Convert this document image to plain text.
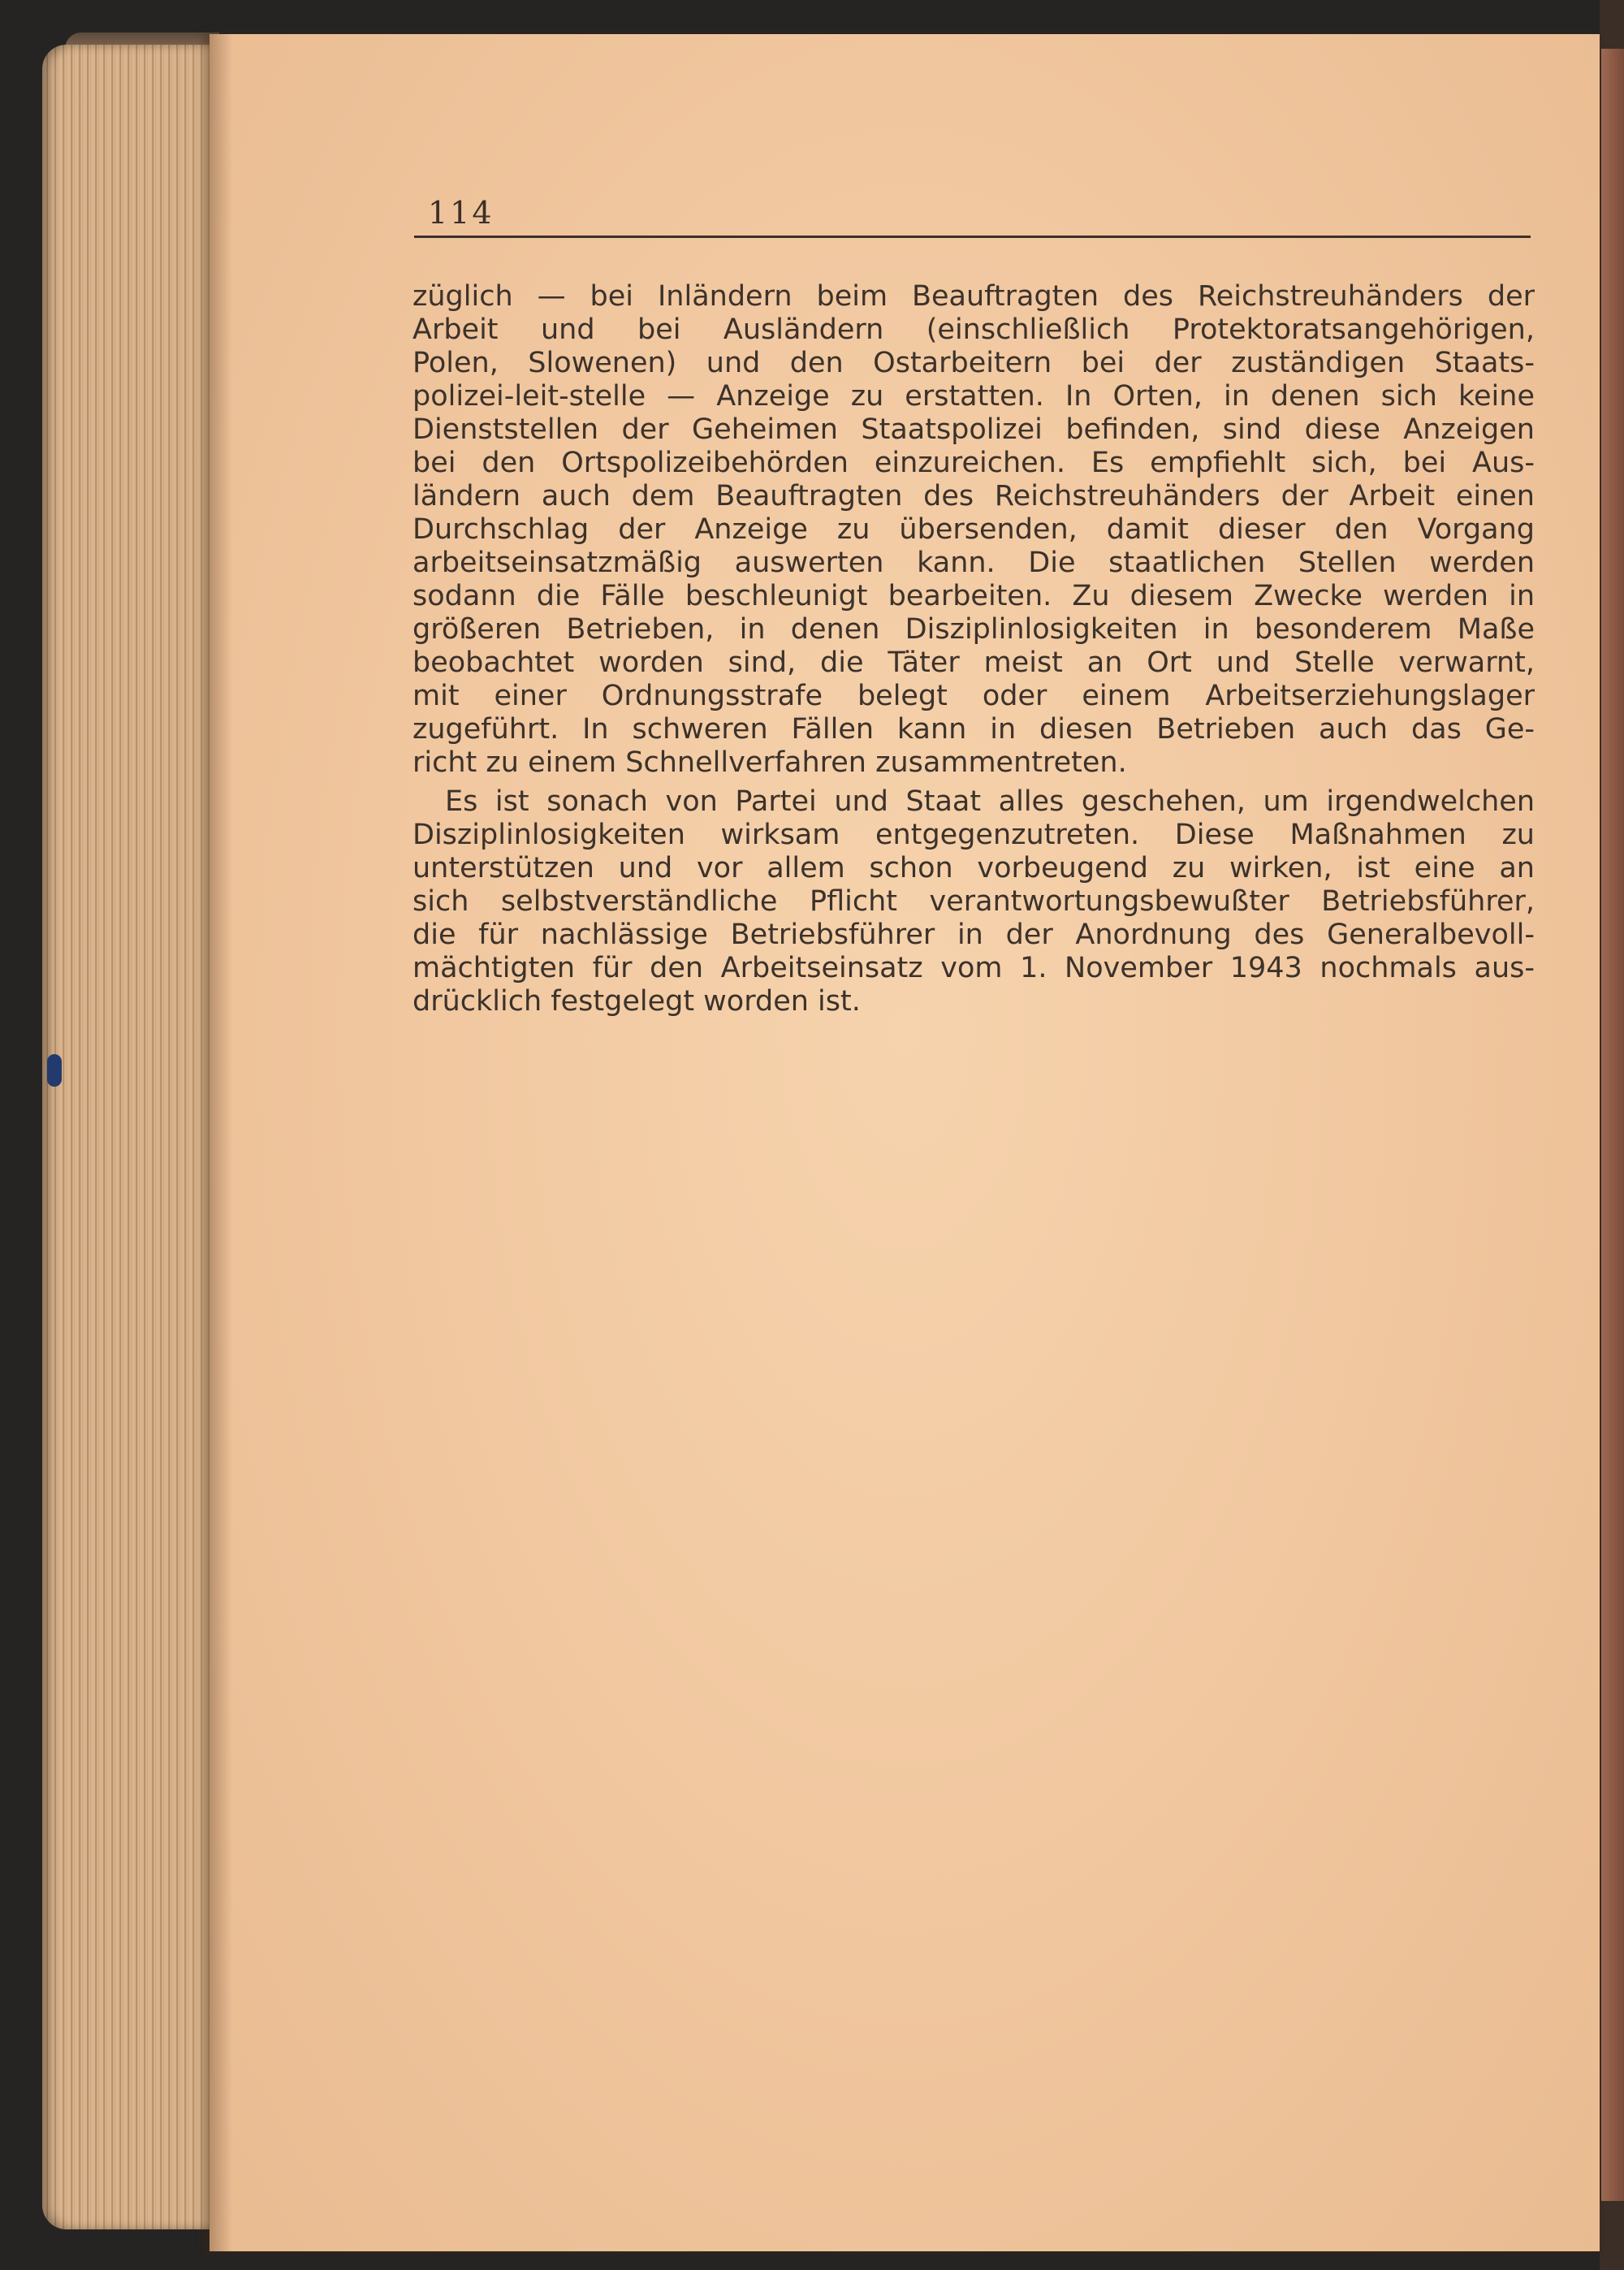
114
züglich — bei Inländern beim Beauftragten des Reichstreuhänders der
Arbeit und bei Ausländern (einschließlich Protektoratsangehörigen,
Polen, Slowenen) und den Ostarbeitern bei der zuständigen Staats-
polizei-leit-stelle — Anzeige zu erstatten. In Orten, in denen sich keine
Dienststellen der Geheimen Staatspolizei befinden, sind diese Anzeigen
bei den Ortspolizeibehörden einzureichen. Es empfiehlt sich, bei Aus-
ländern auch dem Beauftragten des Reichstreuhänders der Arbeit einen
Durchschlag der Anzeige zu übersenden, damit dieser den Vorgang
arbeitseinsatzmäßig auswerten kann. Die staatlichen Stellen werden
sodann die Fälle beschleunigt bearbeiten. Zu diesem Zwecke werden in
größeren Betrieben, in denen Disziplinlosigkeiten in besonderem Maße
beobachtet worden sind, die Täter meist an Ort und Stelle verwarnt,
mit einer Ordnungsstrafe belegt oder einem Arbeitserziehungslager
zugeführt. In schweren Fällen kann in diesen Betrieben auch das Ge-
richt zu einem Schnellverfahren zusammentreten.
Es ist sonach von Partei und Staat alles geschehen, um irgendwelchen
Disziplinlosigkeiten wirksam entgegenzutreten. Diese Maßnahmen zu
unterstützen und vor allem schon vorbeugend zu wirken, ist eine an
sich selbstverständliche Pflicht verantwortungsbewußter Betriebsführer,
die für nachlässige Betriebsführer in der Anordnung des Generalbevoll-
mächtigten für den Arbeitseinsatz vom 1. November 1943 nochmals aus-
drücklich festgelegt worden ist.
